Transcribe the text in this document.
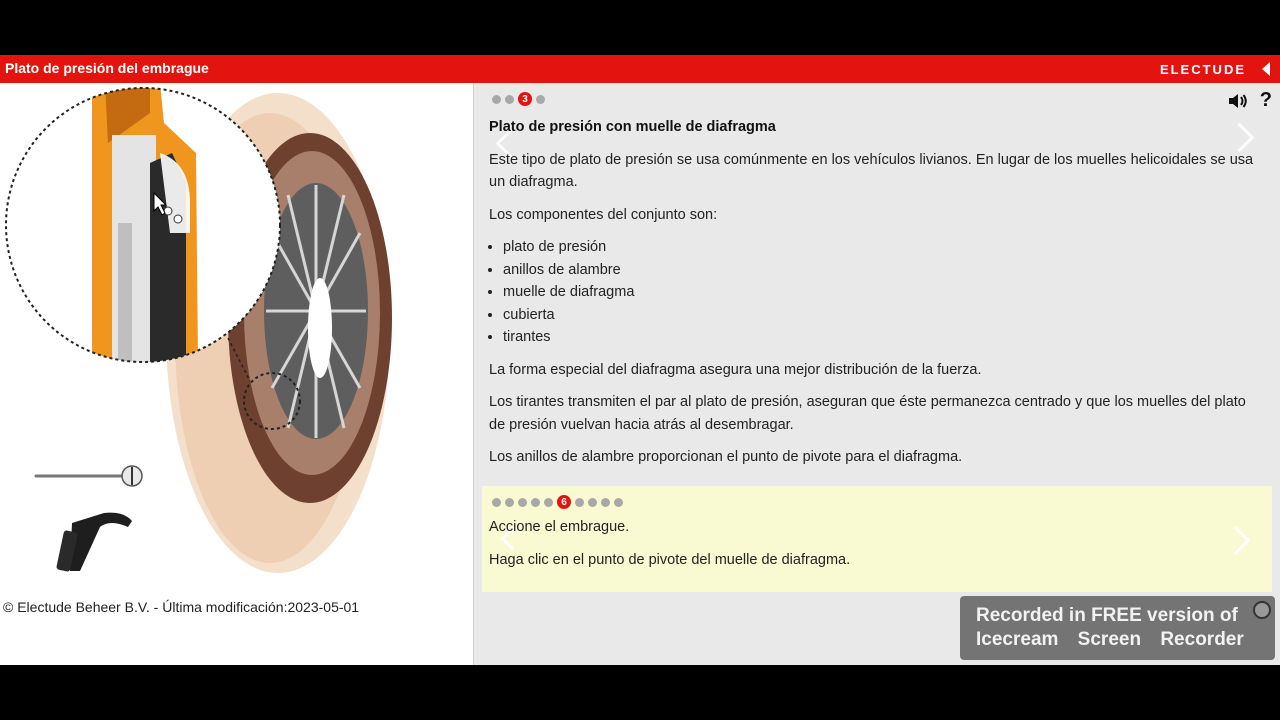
Plato de presión del embrague	ELECTUDE
© Electude Beheer B.V. - Última modificación:2023-05-01
3	?
Plato de presión con muelle de diafragma

Este tipo de plato de presión se usa comúnmente en los vehículos livianos. En lugar de los muelles helicoidales se usa un diafragma.

Los componentes del conjunto son:

• plato de presión
• anillos de alambre
• muelle de diafragma
• cubierta
• tirantes

La forma especial del diafragma asegura una mejor distribución de la fuerza.

Los tirantes transmiten el par al plato de presión, aseguran que éste permanezca centrado y que los muelles del plato de presión vuelvan hacia atrás al desembragar.

Los anillos de alambre proporcionan el punto de pivote para el diafragma.

6
Accione el embrague.
Haga clic en el punto de pivote del muelle de diafragma.
Recorded in FREE version of
Icecream Screen Recorder
